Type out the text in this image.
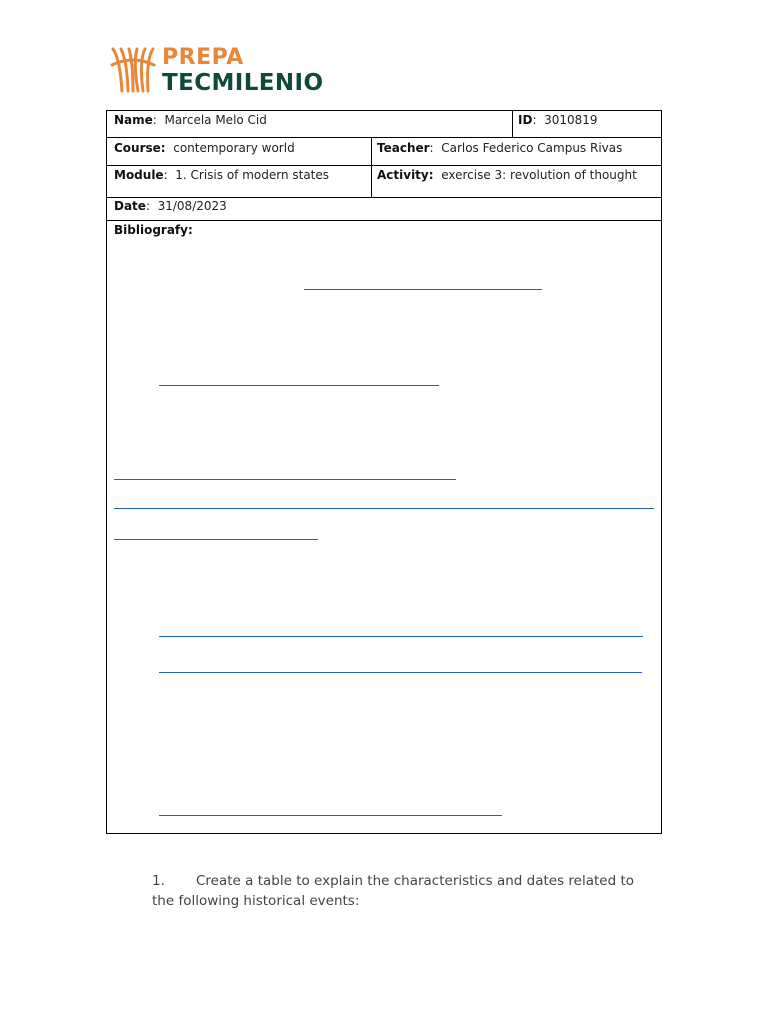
PREPA
TECMILENIO
Name:  Marcela Melo Cid	ID:  3010819
Course: contemporary world	Teacher:  Carlos Federico Campus Rivas
Module:  1. Crisis of modern states	Activity: exercise 3: revolution of thought
Date:  31/08/2023
Bibliografy:
1. Create a table to explain the characteristics and dates related to the following historical events:
